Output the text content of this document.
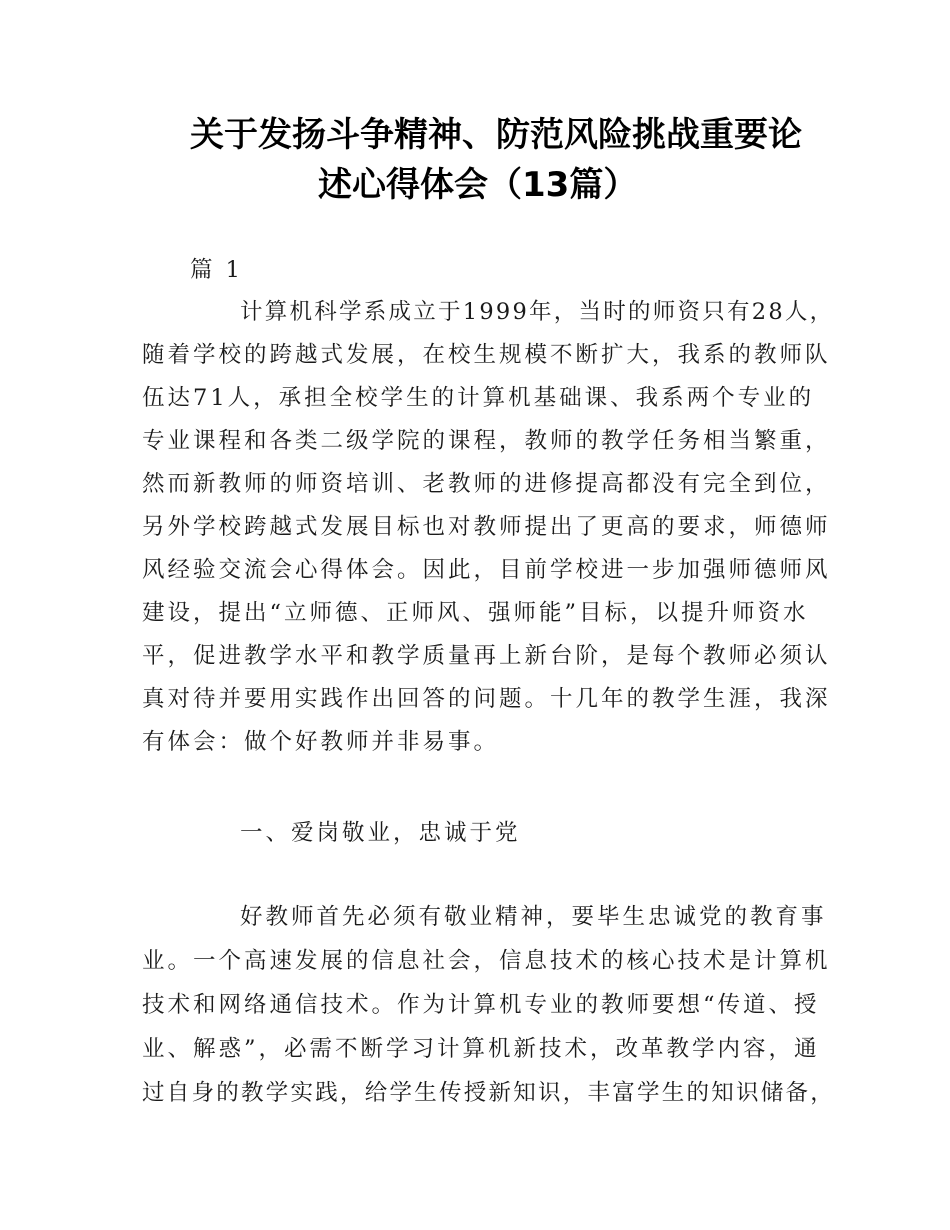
关于发扬斗争精神、防范风险挑战重要论
述心得体会（13篇）
篇 1
计算机科学系成立于1999年，当时的师资只有28人，
随着学校的跨越式发展，在校生规模不断扩大，我系的教师队
伍达71人，承担全校学生的计算机基础课、我系两个专业的
专业课程和各类二级学院的课程，教师的教学任务相当繁重，
然而新教师的师资培训、老教师的进修提高都没有完全到位，
另外学校跨越式发展目标也对教师提出了更高的要求，师德师
风经验交流会心得体会。因此，目前学校进一步加强师德师风
建设，提出“立师德、正师风、强师能”目标，以提升师资水
平，促进教学水平和教学质量再上新台阶，是每个教师必须认
真对待并要用实践作出回答的问题。十几年的教学生涯，我深
有体会：做个好教师并非易事。
一、爱岗敬业，忠诚于党
好教师首先必须有敬业精神，要毕生忠诚党的教育事
业。一个高速发展的信息社会，信息技术的核心技术是计算机
技术和网络通信技术。作为计算机专业的教师要想“传道、授
业、解惑”，必需不断学习计算机新技术，改革教学内容，通
过自身的教学实践，给学生传授新知识，丰富学生的知识储备，
